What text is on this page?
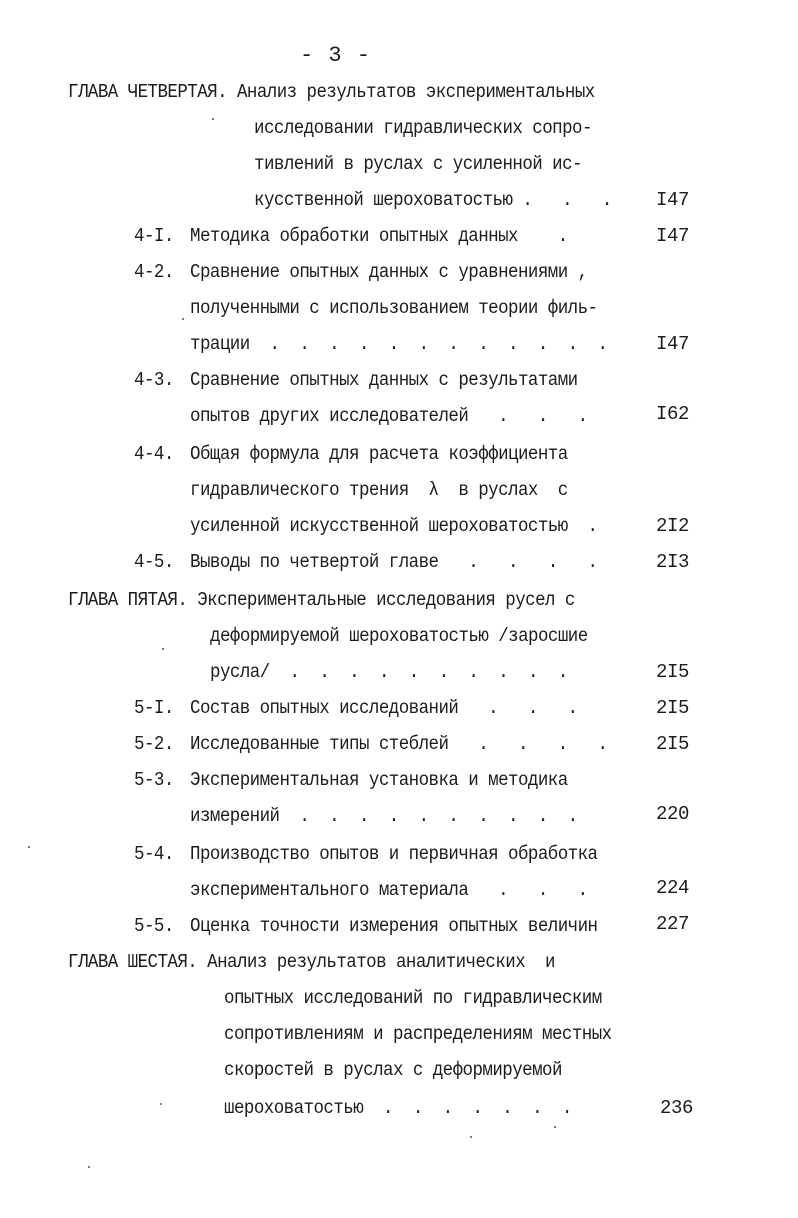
- 3 -
ГЛАВА ЧЕТВЕРТАЯ. Анализ результатов экспериментальных
исследовании гидравлических сопро-
тивлений в руслах с усиленной ис-
кусственной шероховатостью .   .   . I47
4-I. Методика обработки опытных данных    .	I47
4-2. Сравнение опытных данных с уравнениями ,
полученными с использованием теории филь-
трации  .  .  .  .  .  .  .  .  .  .  .  .	I47
4-3. Сравнение опытных данных с результатами
опытов других исследователей   .   .   .	I62
4-4. Общая формула для расчета коэффициента
гидравлического трения  λ  в руслах  с
усиленной искусственной шероховатостью  .	2I2
4-5. Выводы по четвертой главе   .   .   .   .	2I3
ГЛАВА ПЯТАЯ. Экспериментальные исследования русел с
деформируемой шероховатостью /заросшие
русла/  .  .  .  .  .  .  .  .  .  .	2I5
5-I. Состав опытных исследований   .   .   .	2I5
5-2. Исследованные типы стеблей   .   .   .   .	2I5
5-3. Экспериментальная установка и методика
измерений  .  .  .  .  .  .  .  .  .  .	220
5-4. Производство опытов и первичная обработка
экспериментального материала   .   .   .	224
5-5. Оценка точности измерения опытных величин	227
ГЛАВА ШЕСТАЯ. Анализ результатов аналитических  и
опытных исследований по гидравлическим
сопротивлениям и распределениям местных
скоростей в руслах с деформируемой
шероховатостью  .  .  .  .  .  .  .	236
